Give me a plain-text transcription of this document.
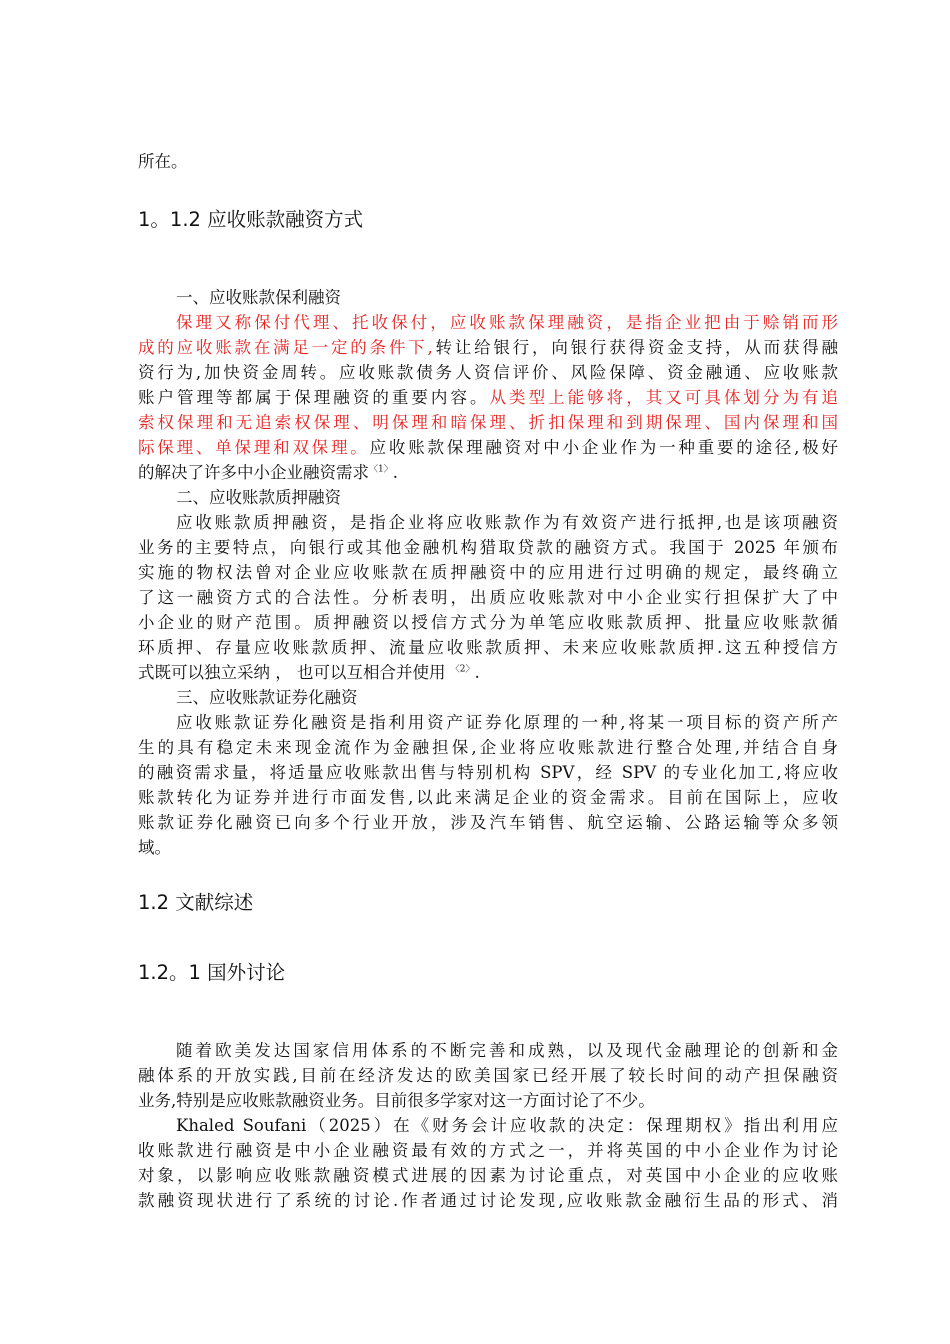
所在。
1。1.2 应收账款融资方式
一、应收账款保利融资
保理又称保付代理、托收保付，应收账款保理融资，是指企业把由于赊销而形
成的应收账款在满足一定的条件下,转让给银行，向银行获得资金支持，从而获得融
资行为,加快资金周转。应收账款债务人资信评价、风险保障、资金融通、应收账款
账户管理等都属于保理融资的重要内容。从类型上能够将，其又可具体划分为有追
索权保理和无追索权保理、明保理和暗保理、折扣保理和到期保理、国内保理和国
际保理、单保理和双保理。应收账款保理融资对中小企业作为一种重要的途径,极好
的解决了许多中小企业融资需求$^{〈1〉}$.
二、应收账款质押融资
应收账款质押融资，是指企业将应收账款作为有效资产进行抵押,也是该项融资
业务的主要特点，向银行或其他金融机构猎取贷款的融资方式。我国于 2025 年颁布
实施的物权法曾对企业应收账款在质押融资中的应用进行过明确的规定，最终确立
了这一融资方式的合法性。分析表明，出质应收账款对中小企业实行担保扩大了中
小企业的财产范围。质押融资以授信方式分为单笔应收账款质押、批量应收账款循
环质押、存量应收账款质押、流量应收账款质押、未来应收账款质押.这五种授信方
式既可以独立采纳 ， 也可以互相合并使用 $^{〈2〉}$.
三、应收账款证券化融资
应收账款证券化融资是指利用资产证券化原理的一种,将某一项目标的资产所产
生的具有稳定未来现金流作为金融担保,企业将应收账款进行整合处理,并结合自身
的融资需求量，将适量应收账款出售与特别机构 SPV，经 SPV 的专业化加工,将应收
账款转化为证券并进行市面发售,以此来满足企业的资金需求。目前在国际上，应收
账款证券化融资已向多个行业开放，涉及汽车销售、航空运输、公路运输等众多领
域。
1.2 文献综述
1.2。1 国外讨论
随着欧美发达国家信用体系的不断完善和成熟，以及现代金融理论的创新和金
融体系的开放实践,目前在经济发达的欧美国家已经开展了较长时间的动产担保融资
业务,特别是应收账款融资业务。目前很多学家对这一方面讨论了不少。
Khaled Soufani（2025）在《财务会计应收款的决定：保理期权》指出利用应
收账款进行融资是中小企业融资最有效的方式之一，并将英国的中小企业作为讨论
对象，以影响应收账款融资模式进展的因素为讨论重点，对英国中小企业的应收账
款融资现状进行了系统的讨论.作者通过讨论发现,应收账款金融衍生品的形式、消
